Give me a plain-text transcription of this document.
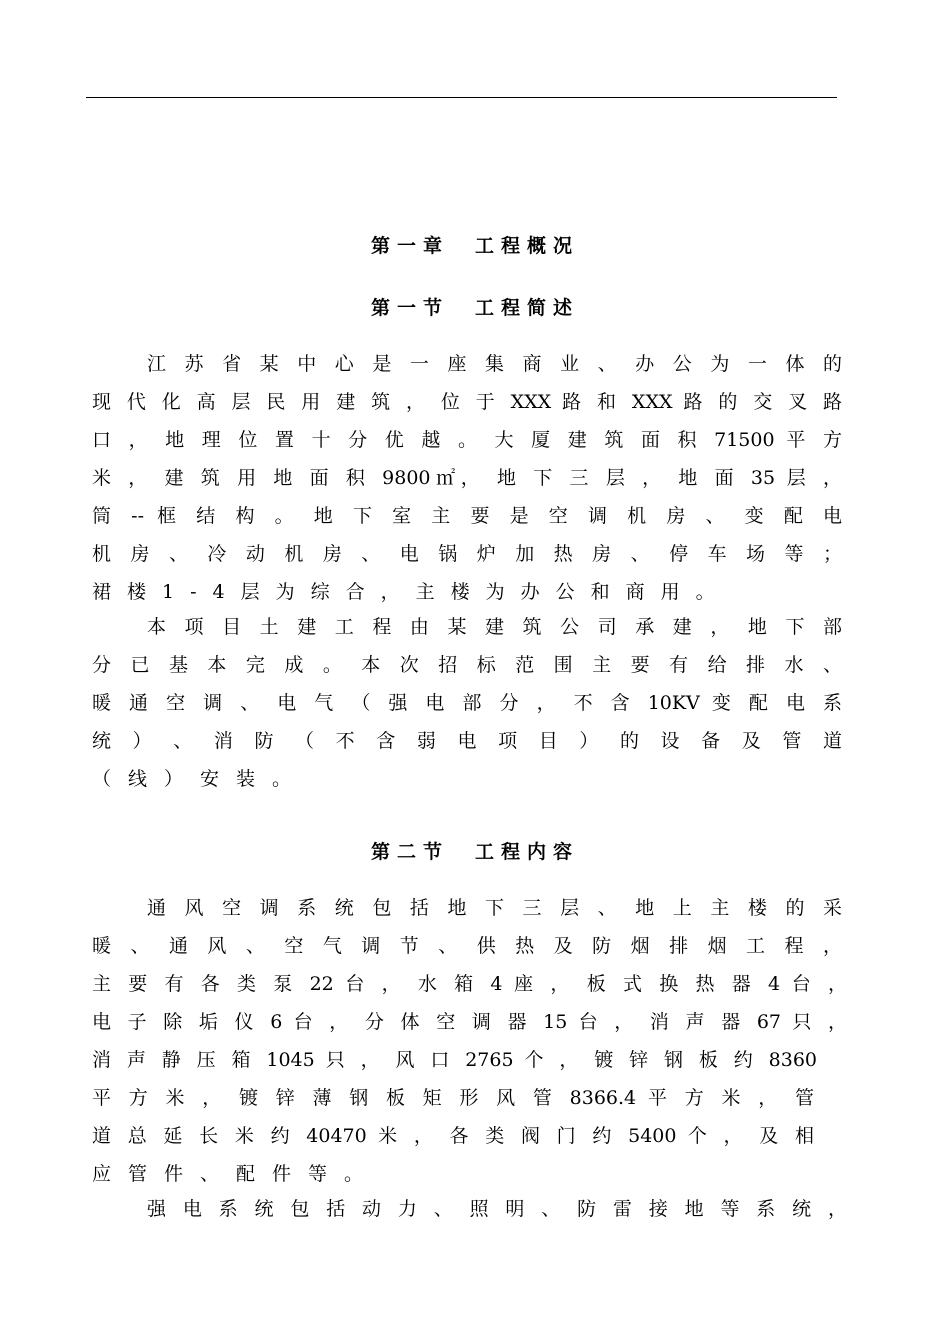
第一章　工程概况
第一节　工程简述
江 苏 省 某 中 心 是 一 座 集 商 业 、 办 公 为 一 体 的
现 代 化 高 层 民 用 建 筑 ， 位 于 XXX 路 和 XXX 路 的 交 叉 路
口 ， 地 理 位 置 十 分 优 越 。 大 厦 建 筑 面 积 71500 平 方
米 ， 建 筑 用 地 面 积 9800㎡， 地 下 三 层 ， 地 面 35 层 ，
筒 -- 框 结 构 。 地 下 室 主 要 是 空 调 机 房 、 变 配 电
机 房 、 冷 动 机 房 、 电 锅 炉 加 热 房 、 停 车 场 等 ；
裙楼1-4层为综合，主楼为办公和商用。
本 项 目 土 建 工 程 由 某 建 筑 公 司 承 建 ， 地 下 部
分 已 基 本 完 成 。 本 次 招 标 范 围 主 要 有 给 排 水 、
暖 通 空 调 、 电 气 （ 强 电 部 分 ， 不 含 10KV 变 配 电 系
统 ） 、 消 防 （ 不 含 弱 电 项 目 ） 的 设 备 及 管 道
（线）安装。
第二节　工程内容
通 风 空 调 系 统 包 括 地 下 三 层 、 地 上 主 楼 的 采
暖 、 通 风 、 空 气 调 节 、 供 热 及 防 烟 排 烟 工 程 ，
主 要 有 各 类 泵 22 台 ， 水 箱 4 座 ， 板 式 换 热 器 4 台 ，
电 子 除 垢 仪 6 台 ， 分 体 空 调 器 15 台 ， 消 声 器 67 只 ，
消 声 静 压 箱 1045 只 ， 风 口 2765 个 ， 镀 锌 钢 板 约 8360
平 方 米 ， 镀 锌 薄 钢 板 矩 形 风 管 8366.4 平 方 米 ， 管
道 总 延 长 米 约 40470 米 ， 各 类 阀 门 约 5400 个 ， 及 相
应管件、配件等。
强 电 系 统 包 括 动 力 、 照 明 、 防 雷 接 地 等 系 统 ，
